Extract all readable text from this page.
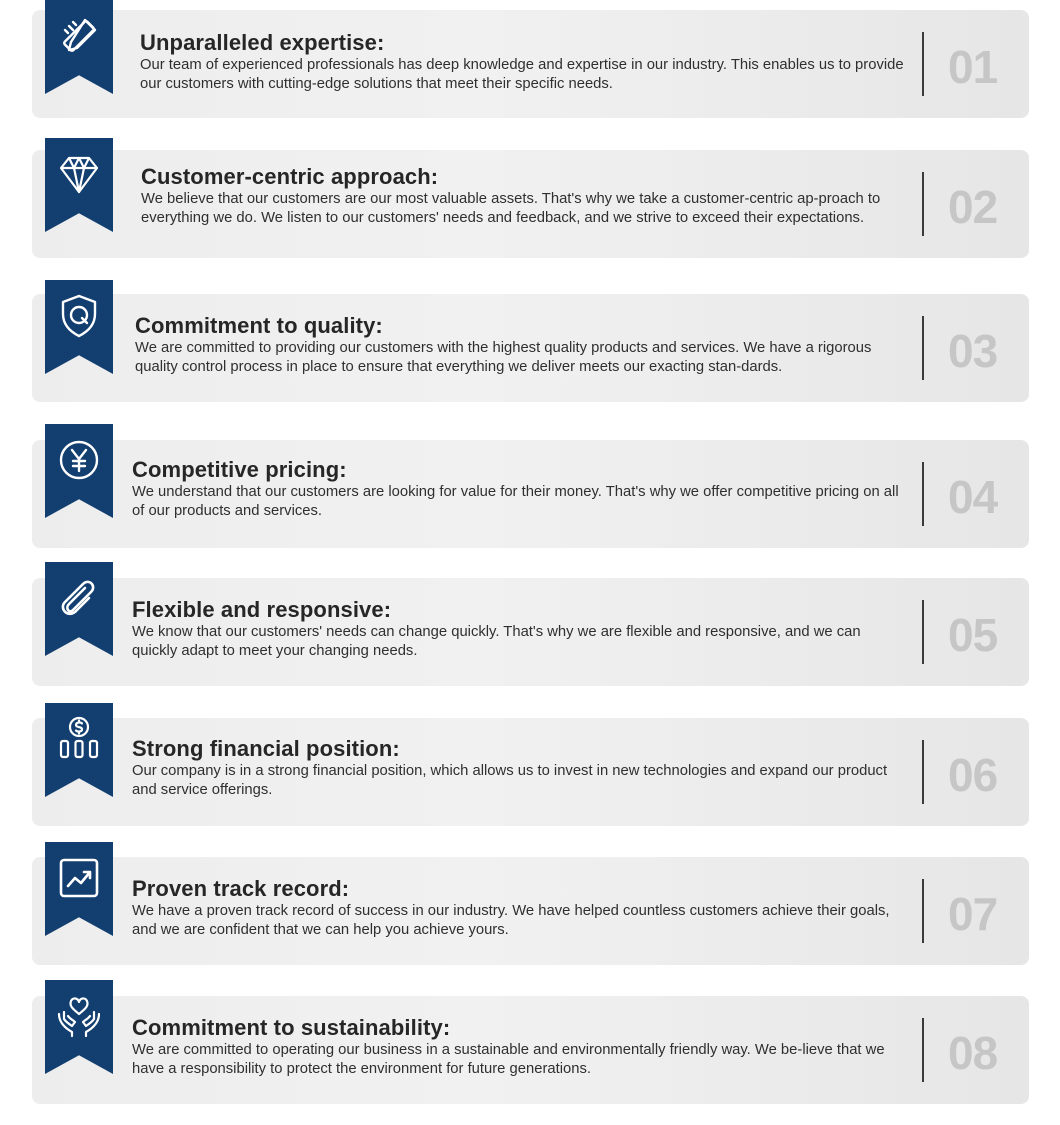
01
Unparalleled expertise:
Our team of experienced professionals has deep knowledge and expertise in our industry. This enables us to provide our customers with cutting-edge solutions that meet their specific needs.
02
Customer-centric approach:
We believe that our customers are our most valuable assets. That's why we take a customer-centric ap-proach to everything we do. We listen to our customers' needs and feedback, and we strive to exceed their expectations.
03
Commitment to quality:
We are committed to providing our customers with the highest quality products and services. We have a rigorous quality control process in place to ensure that everything we deliver meets our exacting stan-dards.
04
Competitive pricing:
We understand that our customers are looking for value for their money. That's why we offer competitive pricing on all of our products and services.
05
Flexible and responsive:
We know that our customers' needs can change quickly. That's why we are flexible and responsive, and we can quickly adapt to meet your changing needs.
06
Strong financial position:
Our company is in a strong financial position, which allows us to invest in new technologies and expand our product and service offerings.
07
Proven track record:
We have a proven track record of success in our industry. We have helped countless customers achieve their goals, and we are confident that we can help you achieve yours.
08
Commitment to sustainability:
We are committed to operating our business in a sustainable and environmentally friendly way. We be-lieve that we have a responsibility to protect the environment for future generations.
